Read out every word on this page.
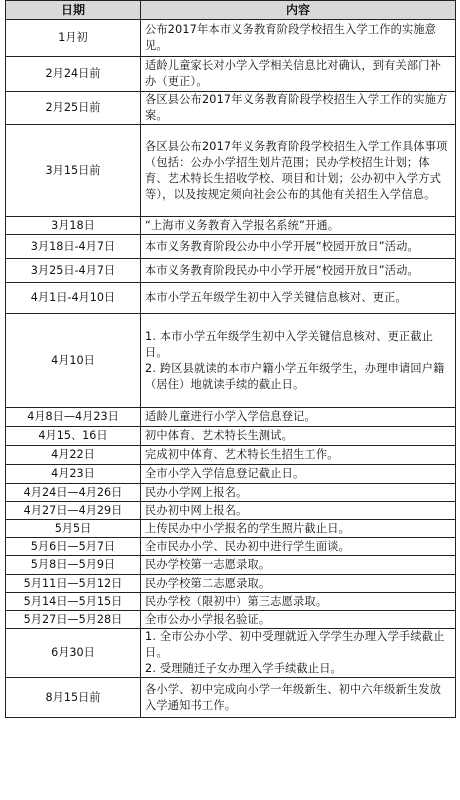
日期	内容
1月初	公布2017年本市义务教育阶段学校招生入学工作的实施意见。
2月24日前	适龄儿童家长对小学入学相关信息比对确认，到有关部门补办（更正）。
2月25日前	各区县公布2017年义务教育阶段学校招生入学工作的实施方案。
3月15日前	各区县公布2017年义务教育阶段学校招生入学工作具体事项（包括：公办小学招生划片范围；民办学校招生计划；体育、艺术特长生招收学校、项目和计划；公办初中入学方式等），以及按规定须向社会公布的其他有关招生入学信息。
3月18日	“上海市义务教育入学报名系统”开通。
3月18日-4月7日	本市义务教育阶段公办中小学开展“校园开放日”活动。
3月25日-4月7日	本市义务教育阶段民办中小学开展“校园开放日”活动。
4月1日-4月10日	本市小学五年级学生初中入学关键信息核对、更正。
4月10日	1. 本市小学五年级学生初中入学关键信息核对、更正截止日。
2. 跨区县就读的本市户籍小学五年级学生，办理申请回户籍（居住）地就读手续的截止日。
4月8日—4月23日	适龄儿童进行小学入学信息登记。
4月15、16日	初中体育、艺术特长生测试。
4月22日	完成初中体育、艺术特长生招生工作。
4月23日	全市小学入学信息登记截止日。
4月24日—4月26日	民办小学网上报名。
4月27日—4月29日	民办初中网上报名。
5月5日	上传民办中小学报名的学生照片截止日。
5月6日—5月7日	全市民办小学、民办初中进行学生面谈。
5月8日—5月9日	民办学校第一志愿录取。
5月11日—5月12日	民办学校第二志愿录取。
5月14日—5月15日	民办学校（限初中）第三志愿录取。
5月27日—5月28日	全市公办小学报名验证。
6月30日	1. 全市公办小学、初中受理就近入学学生办理入学手续截止日。
2. 受理随迁子女办理入学手续截止日。
8月15日前	各小学、初中完成向小学一年级新生、初中六年级新生发放入学通知书工作。
